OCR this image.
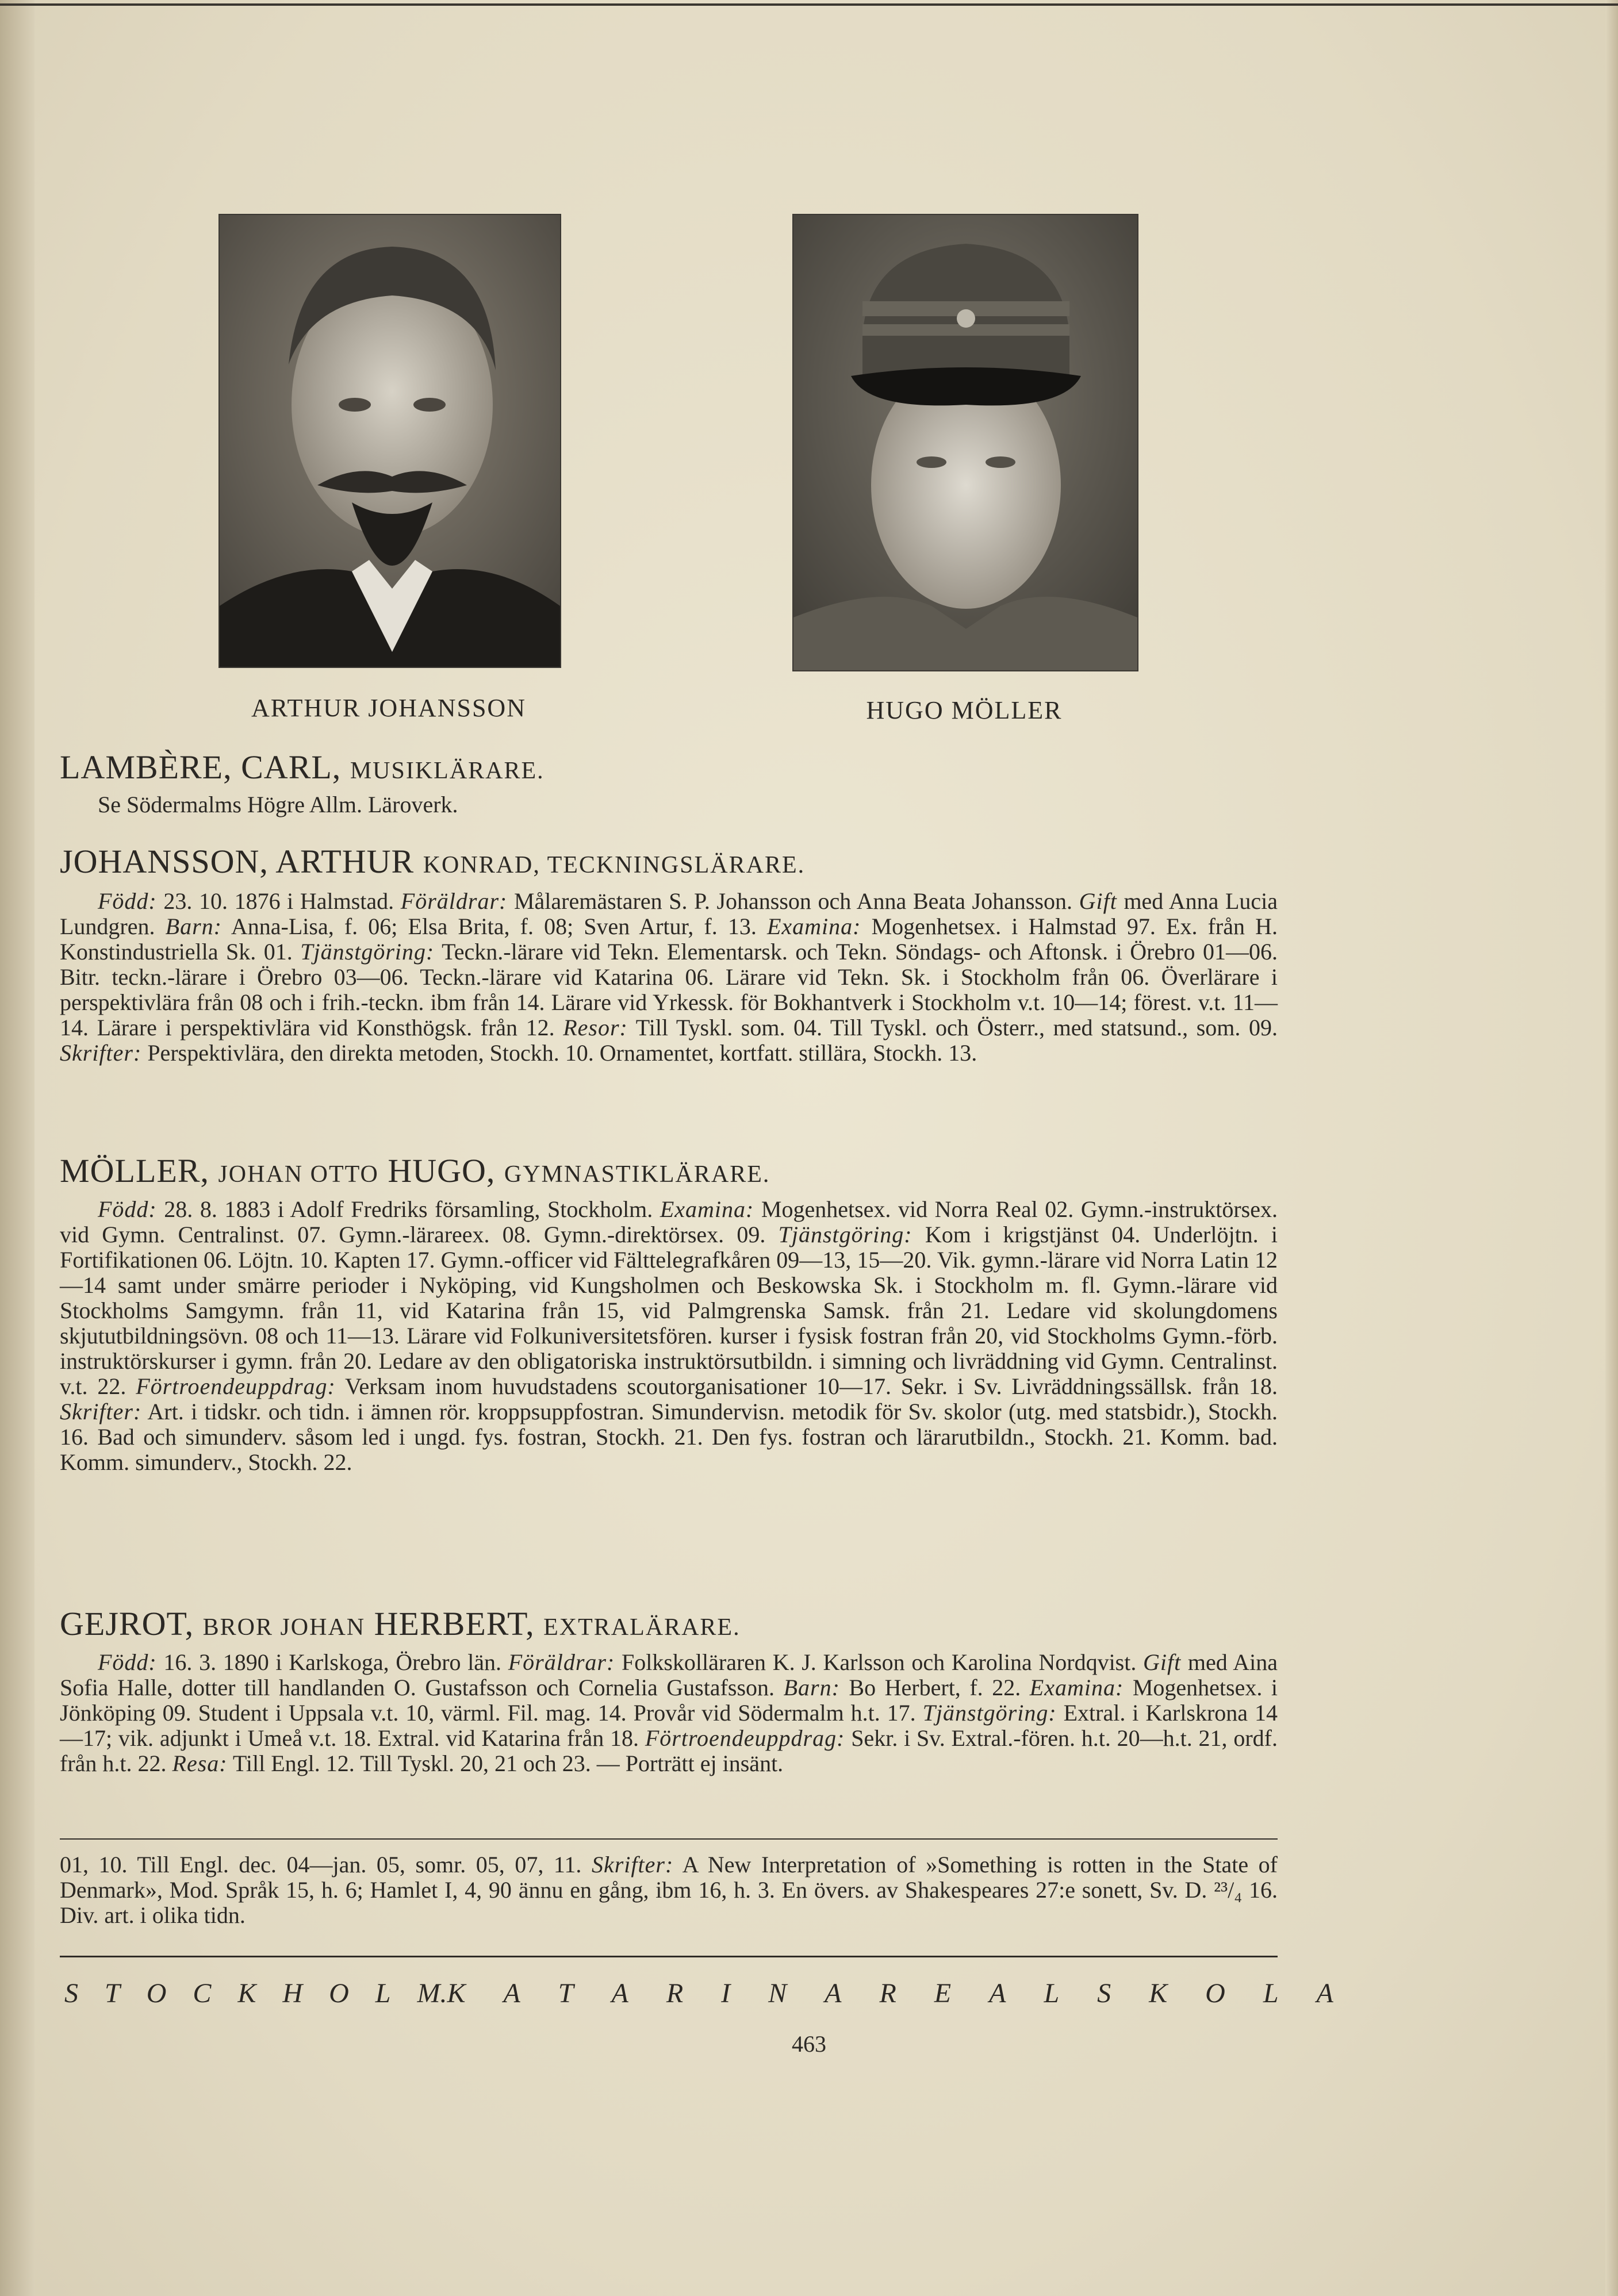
ARTHUR JOHANSSON	HUGO MÖLLER
LAMBÈRE, CARL, MUSIKLÄRARE.
Se Södermalms Högre Allm. Läroverk.
JOHANSSON, ARTHUR KONRAD, TECKNINGSLÄRARE.

Född: 23. 10. 1876 i Halmstad. Föräldrar: Målaremästaren S. P. Johansson och Anna Beata Johansson. Gift med Anna Lucia Lundgren. Barn: Anna-Lisa, f. 06; Elsa Brita, f. 08; Sven Artur, f. 13. Examina: Mogenhetsex. i Halmstad 97. Ex. från H. Konstindustriella Sk. 01. Tjänstgöring: Teckn.-lärare vid Tekn. Elementarsk. och Tekn. Söndags- och Aftonsk. i Örebro 01—06. Bitr. teckn.-lärare i Örebro 03—06. Teckn.-lärare vid Katarina 06. Lärare vid Tekn. Sk. i Stockholm från 06. Överlärare i perspektivlära från 08 och i frih.-teckn. ibm från 14. Lärare vid Yrkessk. för Bokhantverk i Stockholm v.t. 10—14; förest. v.t. 11—14. Lärare i perspektivlära vid Konsthögsk. från 12. Resor: Till Tyskl. som. 04. Till Tyskl. och Österr., med statsund., som. 09. Skrifter: Perspektivlära, den direkta metoden, Stockh. 10. Ornamentet, kortfatt. stillära, Stockh. 13.

MÖLLER, JOHAN OTTO HUGO, GYMNASTIKLÄRARE.

Född: 28. 8. 1883 i Adolf Fredriks församling, Stockholm. Examina: Mogenhetsex. vid Norra Real 02. Gymn.-instruktörsex. vid Gymn. Centralinst. 07. Gymn.-lärareex. 08. Gymn.-direktörsex. 09. Tjänstgöring: Kom i krigstjänst 04. Underlöjtn. i Fortifikationen 06. Löjtn. 10. Kapten 17. Gymn.-officer vid Fälttelegrafkåren 09—13, 15—20. Vik. gymn.-lärare vid Norra Latin 12—14 samt under smärre perioder i Nyköping, vid Kungsholmen och Beskowska Sk. i Stockholm m. fl. Gymn.-lärare vid Stockholms Samgymn. från 11, vid Katarina från 15, vid Palmgrenska Samsk. från 21. Ledare vid skolungdomens skjututbildningsövn. 08 och 11—13. Lärare vid Folkuniversitetsfören. kurser i fysisk fostran från 20, vid Stockholms Gymn.-förb. instruktörskurser i gymn. från 20. Ledare av den obligatoriska instruktörsutbildn. i simning och livräddning vid Gymn. Centralinst. v.t. 22. Förtroendeuppdrag: Verksam inom huvudstadens scoutorganisationer 10—17. Sekr. i Sv. Livräddningssällsk. från 18. Skrifter: Art. i tidskr. och tidn. i ämnen rör. kroppsuppfostran. Simundervisn. metodik för Sv. skolor (utg. med statsbidr.), Stockh. 16. Bad och simunderv. såsom led i ungd. fys. fostran, Stockh. 21. Den fys. fostran och lärarutbildn., Stockh. 21. Komm. bad. Komm. simunderv., Stockh. 22.

GEJROT, BROR JOHAN HERBERT, EXTRALÄRARE.

Född: 16. 3. 1890 i Karlskoga, Örebro län. Föräldrar: Folkskolläraren K. J. Karlsson och Karolina Nordqvist. Gift med Aina Sofia Halle, dotter till handlanden O. Gustafsson och Cornelia Gustafsson. Barn: Bo Herbert, f. 22. Examina: Mogenhetsex. i Jönköping 09. Student i Uppsala v.t. 10, värml. Fil. mag. 14. Provår vid Södermalm h.t. 17. Tjänstgöring: Extral. i Karlskrona 14—17; vik. adjunkt i Umeå v.t. 18. Extral. vid Katarina från 18. Förtroendeuppdrag: Sekr. i Sv. Extral.-fören. h.t. 20—h.t. 21, ordf. från h.t. 22. Resa: Till Engl. 12. Till Tyskl. 20, 21 och 23. — Porträtt ej insänt.

01, 10. Till Engl. dec. 04—jan. 05, somr. 05, 07, 11. Skrifter: A New Interpretation of »Something is rotten in the State of Denmark», Mod. Språk 15, h. 6; Hamlet I, 4, 90 ännu en gång, ibm 16, h. 3. En övers. av Shakespeares 27:e sonett, Sv. D. ²³/₄ 16. Div. art. i olika tidn.

S T O C K H O L M. K A T A R I N A R E A L S K O L A
463
